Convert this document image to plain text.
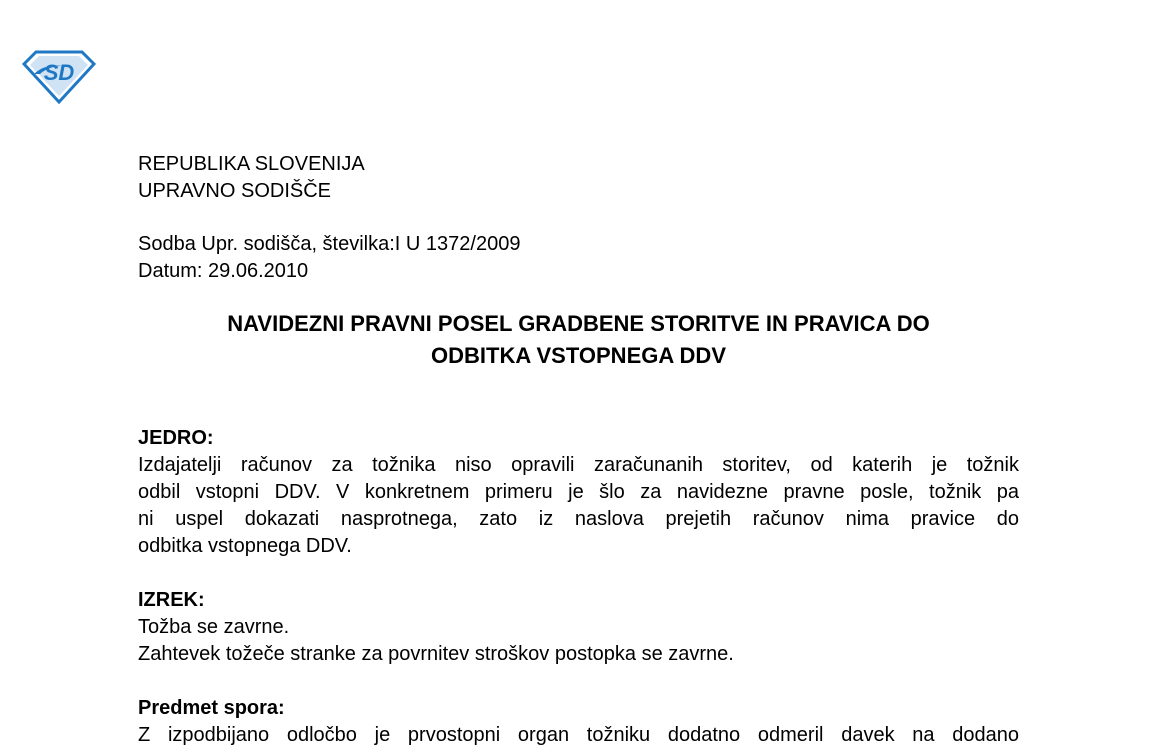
SD
REPUBLIKA SLOVENIJA
UPRAVNO SODIŠČE
Sodba Upr. sodišča, številka:I U 1372/2009
Datum: 29.06.2010
NAVIDEZNI PRAVNI POSEL GRADBENE STORITVE IN PRAVICA DO
ODBITKA VSTOPNEGA DDV
JEDRO:
Izdajatelji računov za tožnika niso opravili zaračunanih storitev, od katerih je tožnik
odbil vstopni DDV. V konkretnem primeru je šlo za navidezne pravne posle, tožnik pa
ni uspel dokazati nasprotnega, zato iz naslova prejetih računov nima pravice do
odbitka vstopnega DDV.
IZREK:
Tožba se zavrne.
Zahtevek tožeče stranke za povrnitev stroškov postopka se zavrne.
Predmet spora:
Z izpodbijano odločbo je prvostopni organ tožniku dodatno odmeril davek na dodano
